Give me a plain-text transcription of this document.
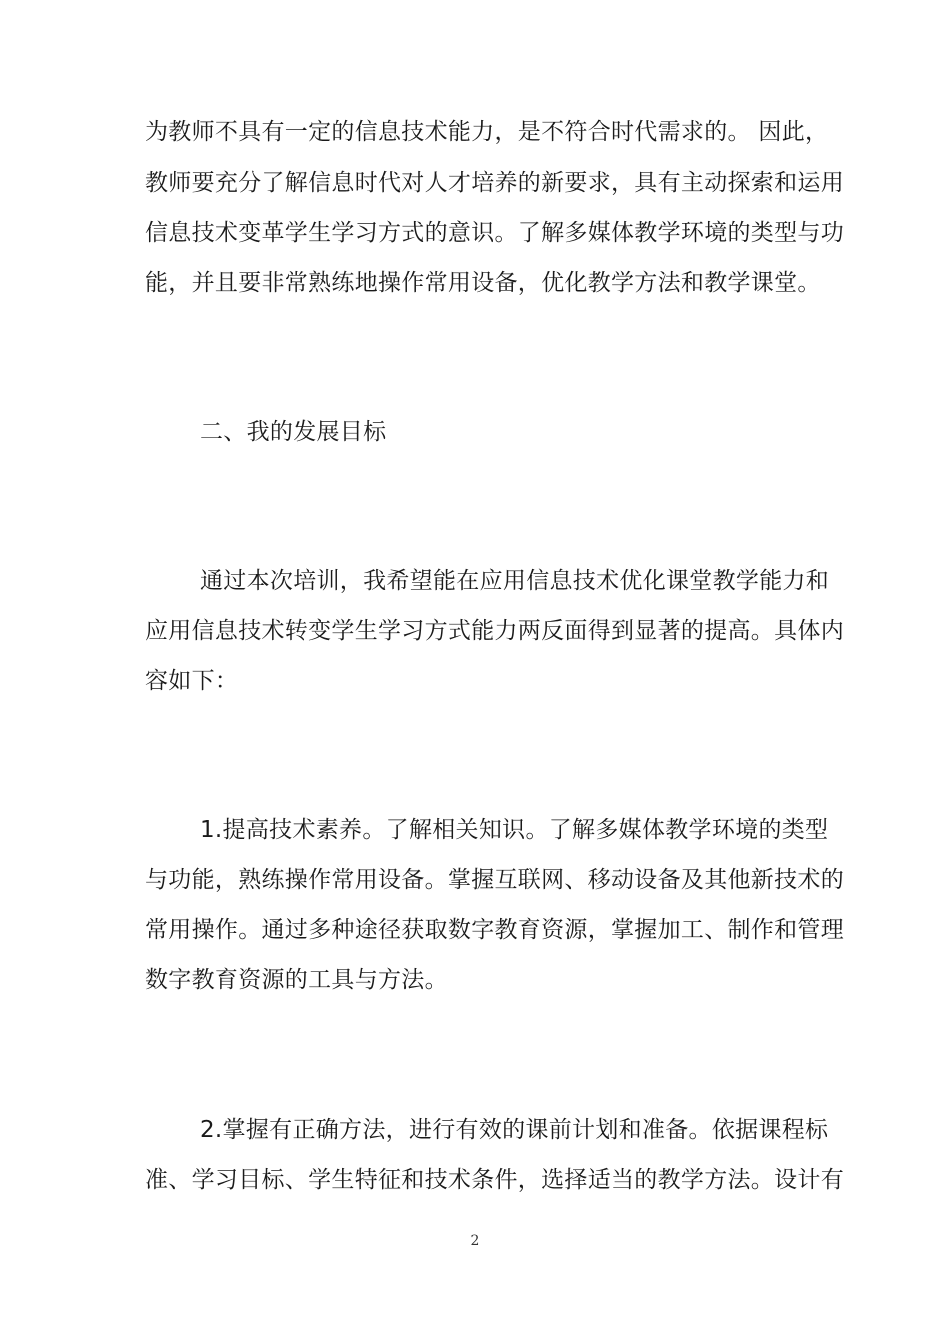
为教师不具有一定的信息技术能力，是不符合时代需求的。 因此，
教师要充分了解信息时代对人才培养的新要求，具有主动探索和运用
信息技术变革学生学习方式的意识。了解多媒体教学环境的类型与功
能，并且要非常熟练地操作常用设备，优化教学方法和教学课堂。
二、我的发展目标
通过本次培训，我希望能在应用信息技术优化课堂教学能力和
应用信息技术转变学生学习方式能力两反面得到显著的提高。具体内
容如下：
1.提高技术素养。了解相关知识。了解多媒体教学环境的类型
与功能，熟练操作常用设备。掌握互联网、移动设备及其他新技术的
常用操作。通过多种途径获取数字教育资源，掌握加工、制作和管理
数字教育资源的工具与方法。
2.掌握有正确方法，进行有效的课前计划和准备。依据课程标
准、学习目标、学生特征和技术条件，选择适当的教学方法。设计有
2
